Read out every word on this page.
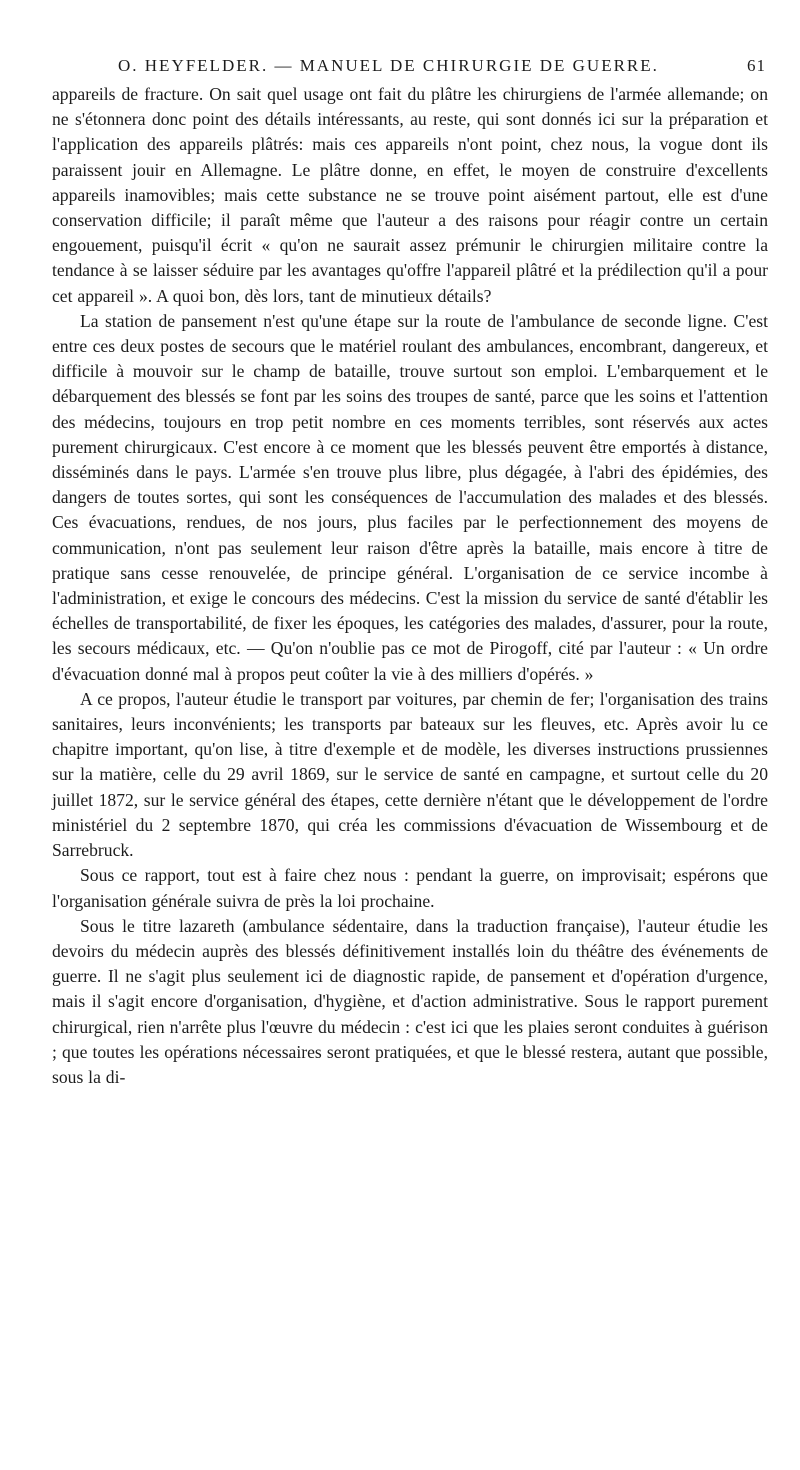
O. HEYFELDER. — MANUEL DE CHIRURGIE DE GUERRE.	61

appareils de fracture. On sait quel usage ont fait du plâtre les chirurgiens de l'armée allemande; on ne s'étonnera donc point des détails intéressants, au reste, qui sont donnés ici sur la préparation et l'application des appareils plâtrés: mais ces appareils n'ont point, chez nous, la vogue dont ils paraissent jouir en Allemagne. Le plâtre donne, en effet, le moyen de construire d'excellents appareils inamovibles; mais cette substance ne se trouve point aisément partout, elle est d'une conservation difficile; il paraît même que l'auteur a des raisons pour réagir contre un certain engouement, puisqu'il écrit « qu'on ne saurait assez prémunir le chirurgien militaire contre la tendance à se laisser séduire par les avantages qu'offre l'appareil plâtré et la prédilection qu'il a pour cet appareil ». A quoi bon, dès lors, tant de minutieux détails?

La station de pansement n'est qu'une étape sur la route de l'ambulance de seconde ligne. C'est entre ces deux postes de secours que le matériel roulant des ambulances, encombrant, dangereux, et difficile à mouvoir sur le champ de bataille, trouve surtout son emploi. L'embarquement et le débarquement des blessés se font par les soins des troupes de santé, parce que les soins et l'attention des médecins, toujours en trop petit nombre en ces moments terribles, sont réservés aux actes purement chirurgicaux. C'est encore à ce moment que les blessés peuvent être emportés à distance, disséminés dans le pays. L'armée s'en trouve plus libre, plus dégagée, à l'abri des épidémies, des dangers de toutes sortes, qui sont les conséquences de l'accumulation des malades et des blessés. Ces évacuations, rendues, de nos jours, plus faciles par le perfectionnement des moyens de communication, n'ont pas seulement leur raison d'être après la bataille, mais encore à titre de pratique sans cesse renouvelée, de principe général. L'organisation de ce service incombe à l'administration, et exige le concours des médecins. C'est la mission du service de santé d'établir les échelles de transportabilité, de fixer les époques, les catégories des malades, d'assurer, pour la route, les secours médicaux, etc. — Qu'on n'oublie pas ce mot de Pirogoff, cité par l'auteur : « Un ordre d'évacuation donné mal à propos peut coûter la vie à des milliers d'opérés. »

A ce propos, l'auteur étudie le transport par voitures, par chemin de fer; l'organisation des trains sanitaires, leurs inconvénients; les transports par bateaux sur les fleuves, etc. Après avoir lu ce chapitre important, qu'on lise, à titre d'exemple et de modèle, les diverses instructions prussiennes sur la matière, celle du 29 avril 1869, sur le service de santé en campagne, et surtout celle du 20 juillet 1872, sur le service général des étapes, cette dernière n'étant que le développement de l'ordre ministériel du 2 septembre 1870, qui créa les commissions d'évacuation de Wissembourg et de Sarrebruck.

Sous ce rapport, tout est à faire chez nous : pendant la guerre, on improvisait; espérons que l'organisation générale suivra de près la loi prochaine.

Sous le titre lazareth (ambulance sédentaire, dans la traduction française), l'auteur étudie les devoirs du médecin auprès des blessés définitivement installés loin du théâtre des événements de guerre. Il ne s'agit plus seulement ici de diagnostic rapide, de pansement et d'opération d'urgence, mais il s'agit encore d'organisation, d'hygiène, et d'action administrative. Sous le rapport purement chirurgical, rien n'arrête plus l'œuvre du médecin : c'est ici que les plaies seront conduites à guérison ; que toutes les opérations nécessaires seront pratiquées, et que le blessé restera, autant que possible, sous la di-
